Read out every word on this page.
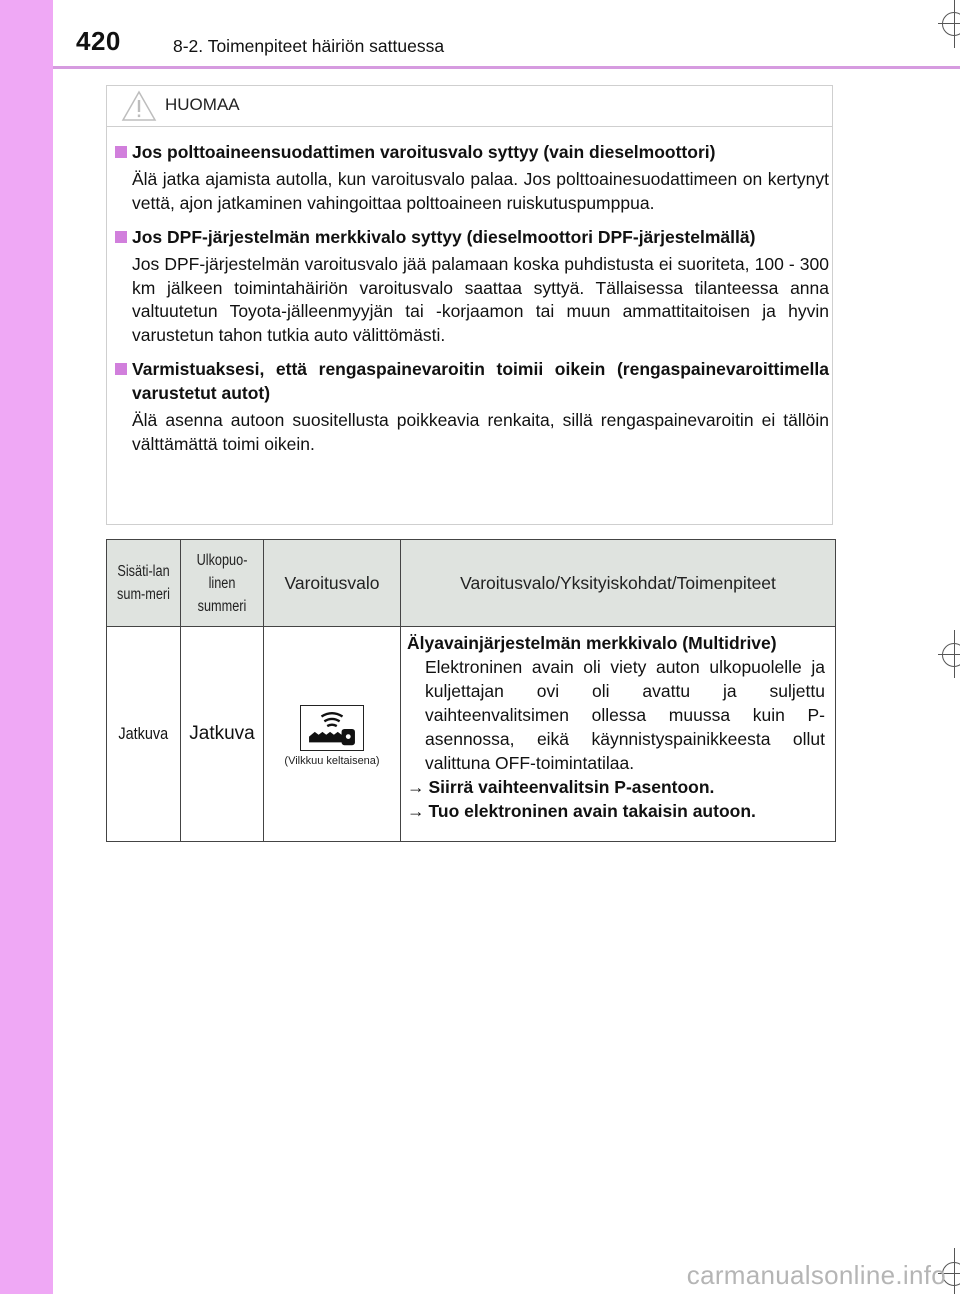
420	8-2. Toimenpiteet häiriön sattuessa
HUOMAA
Jos polttoaineensuodattimen varoitusvalo syttyy (vain dieselmoottori)
Älä jatka ajamista autolla, kun varoitusvalo palaa. Jos polttoainesuodattimeen on kertynyt vettä, ajon jatkaminen vahingoittaa polttoaineen ruiskutuspumppua.
Jos DPF-järjestelmän merkkivalo syttyy (dieselmoottori DPF-järjestelmällä)
Jos DPF-järjestelmän varoitusvalo jää palamaan koska puhdistusta ei suoriteta, 100 - 300 km jälkeen toimintahäiriön varoitusvalo saattaa syttyä. Tällaisessa tilanteessa anna valtuutetun Toyota-jälleenmyyjän tai -korjaamon tai muun ammattitaitoisen ja hyvin varustetun tahon tutkia auto välittömästi.
Varmistuaksesi, että rengaspainevaroitin toimii oikein (rengaspainevaroittimella varustetut autot)
Älä asenna autoon suositellusta poikkeavia renkaita, sillä rengaspainevaroitin ei tällöin välttämättä toimi oikein.
Sisäti-lan sum-meri	Ulkopuo-linen summeri	Varoitusvalo	Varoitusvalo/Yksityiskohdat/Toimenpiteet
Jatkuva	Jatkuva	(Vilkkuu keltaisena)	Älyavainjärjestelmän merkkivalo (Multidrive)
Elektroninen avain oli viety auton ulkopuolelle ja kuljettajan ovi oli avattu ja suljettu vaihteenvalitsimen ollessa muussa kuin P-asennossa, eikä käynnistyspainikkeesta ollut valittuna OFF-toimintatilaa.
→ Siirrä vaihteenvalitsin P-asentoon.
→ Tuo elektroninen avain takaisin autoon.
carmanualsonline.info
